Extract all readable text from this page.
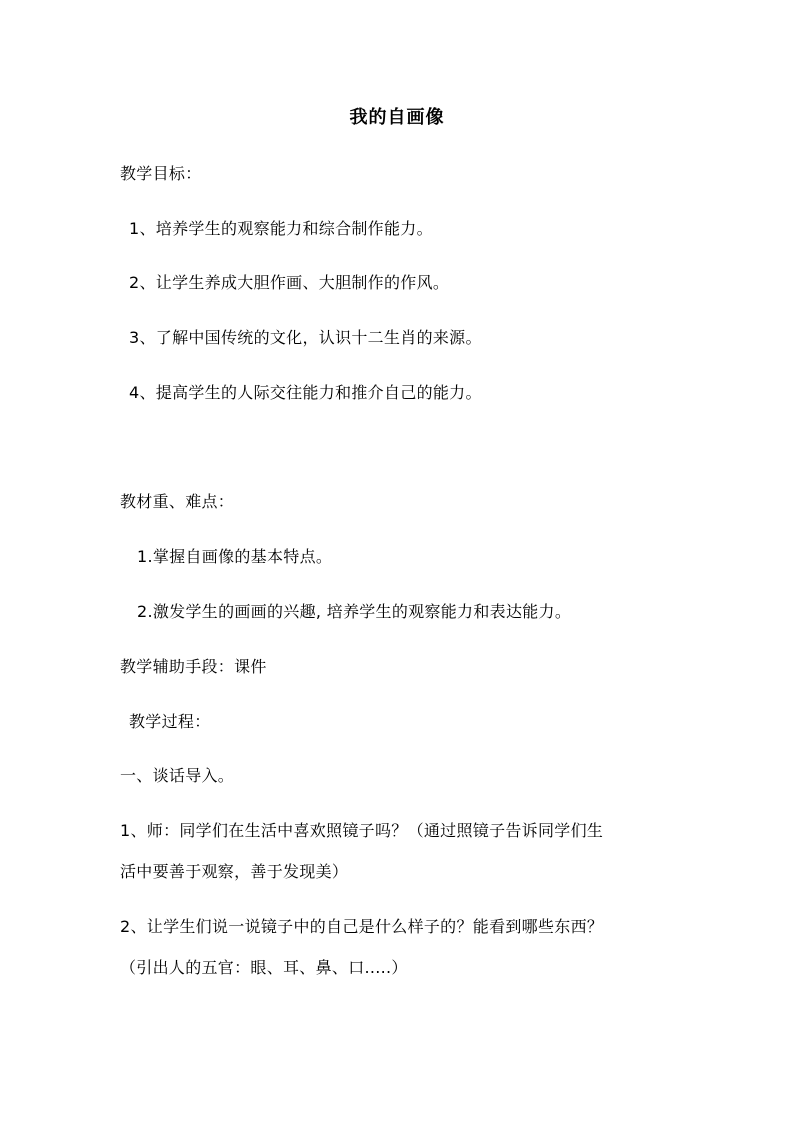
我的自画像
教学目标：
1、培养学生的观察能力和综合制作能力。
2、让学生养成大胆作画、大胆制作的作风。
3、了解中国传统的文化，认识十二生肖的来源。
4、提高学生的人际交往能力和推介自己的能力。
教材重、难点：
1.掌握自画像的基本特点。
2.激发学生的画画的兴趣, 培养学生的观察能力和表达能力。
教学辅助手段：课件
教学过程：
一、谈话导入。
1、师：同学们在生活中喜欢照镜子吗？（通过照镜子告诉同学们生
活中要善于观察，善于发现美）
2、让学生们说一说镜子中的自己是什么样子的？能看到哪些东西？
（引出人的五官：眼、耳、鼻、口.....）
